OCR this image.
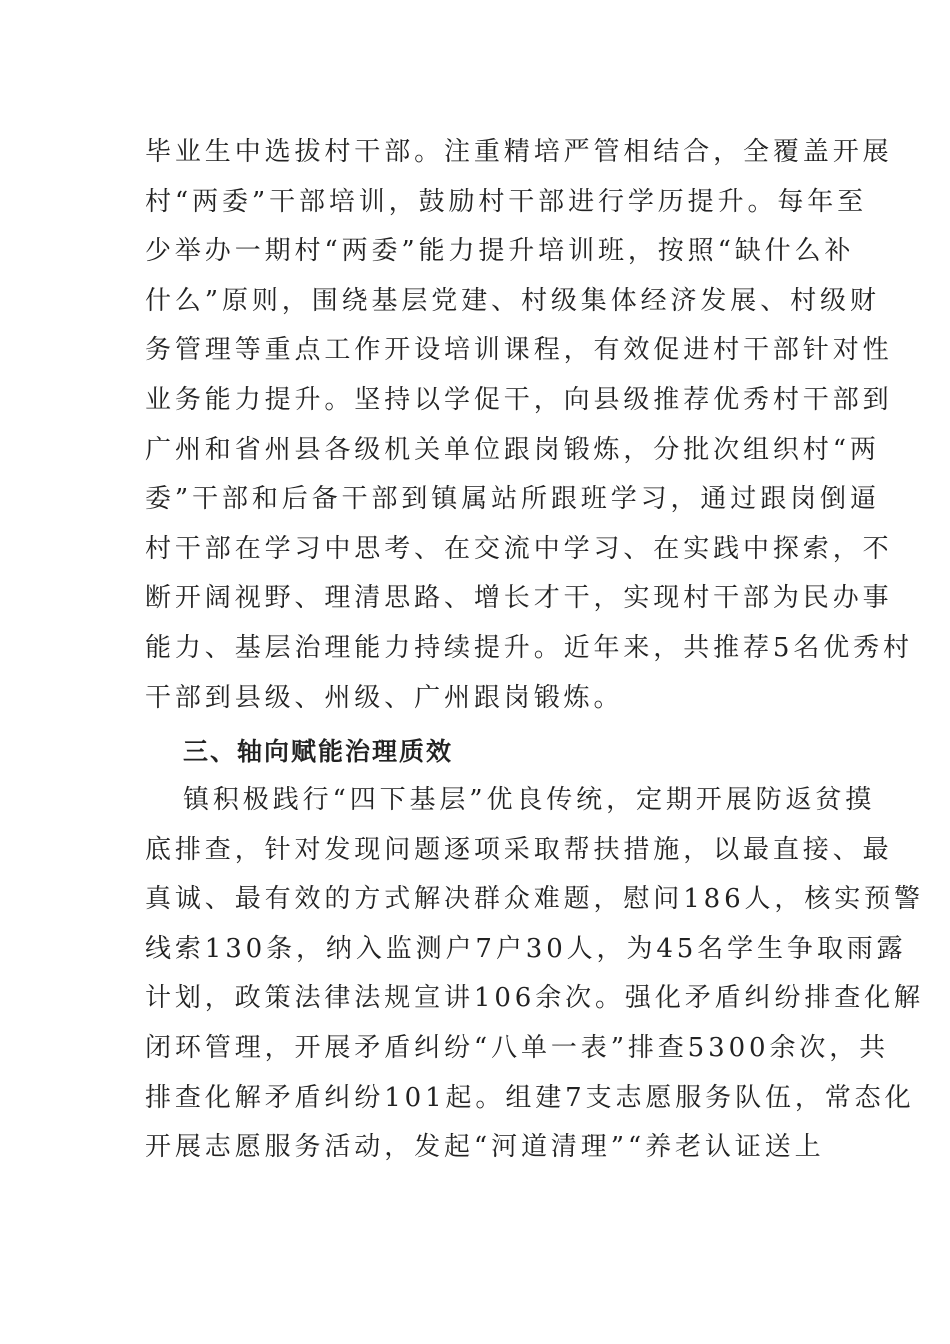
毕业生中选拔村干部。注重精培严管相结合，全覆盖开展
村“两委”干部培训，鼓励村干部进行学历提升。每年至
少举办一期村“两委”能力提升培训班，按照“缺什么补
什么”原则，围绕基层党建、村级集体经济发展、村级财
务管理等重点工作开设培训课程，有效促进村干部针对性
业务能力提升。坚持以学促干，向县级推荐优秀村干部到
广州和省州县各级机关单位跟岗锻炼，分批次组织村“两
委”干部和后备干部到镇属站所跟班学习，通过跟岗倒逼
村干部在学习中思考、在交流中学习、在实践中探索，不
断开阔视野、理清思路、增长才干，实现村干部为民办事
能力、基层治理能力持续提升。近年来，共推荐5名优秀村
干部到县级、州级、广州跟岗锻炼。
三、轴向赋能治理质效
镇积极践行“四下基层”优良传统，定期开展防返贫摸
底排查，针对发现问题逐项采取帮扶措施，以最直接、最
真诚、最有效的方式解决群众难题，慰问186人，核实预警
线索130条，纳入监测户7户30人，为45名学生争取雨露
计划，政策法律法规宣讲106余次。强化矛盾纠纷排查化解
闭环管理，开展矛盾纠纷“八单一表”排查5300余次，共
排查化解矛盾纠纷101起。组建7支志愿服务队伍，常态化
开展志愿服务活动，发起“河道清理”“养老认证送上
